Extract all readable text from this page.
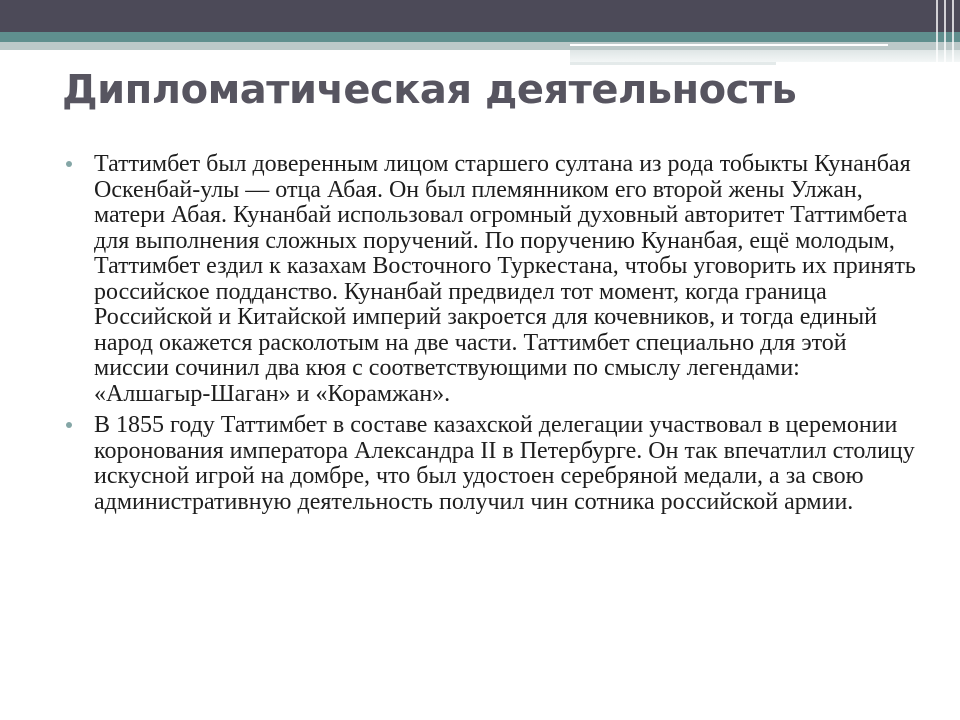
Дипломатическая деятельность
Таттимбет был доверенным лицом старшего султана из рода тобыкты Кунанбая Оскенбай-улы — отца Абая. Он был племянником его второй жены Улжан, матери Абая. Кунанбай использовал огромный духовный авторитет Таттимбета для выполнения сложных поручений. По поручению Кунанбая, ещё молодым, Таттимбет ездил к казахам Восточного Туркестана, чтобы уговорить их принять российское подданство. Кунанбай предвидел тот момент, когда граница Российской и Китайской империй закроется для кочевников, и тогда единый народ окажется расколотым на две части. Таттимбет специально для этой миссии сочинил два кюя с соответствующими по смыслу легендами: «Алшагыр-Шаган» и «Корамжан».
В 1855 году Таттимбет в составе казахской делегации участвовал в церемонии коронования императора Александра II в Петербурге. Он так впечатлил столицу искусной игрой на домбре, что был удостоен серебряной медали, а за свою административную деятельность получил чин сотника российской армии.
